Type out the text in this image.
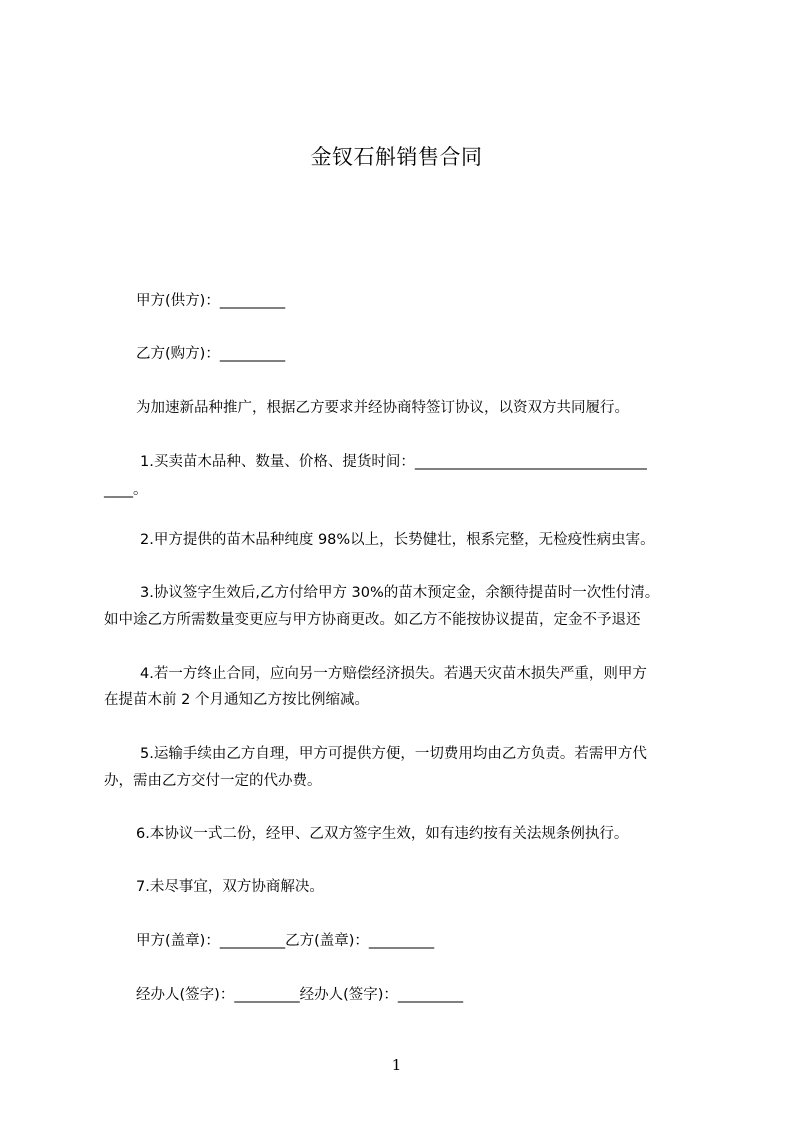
金钗石斛销售合同

甲方(供方)：_________

乙方(购方)：_________

为加速新品种推广，根据乙方要求并经协商特签订协议，以资双方共同履行。

1.买卖苗木品种、数量、价格、提货时间：________________________________

____。

2.甲方提供的苗木品种纯度 98%以上，长势健壮，根系完整，无检疫性病虫害。

3.协议签字生效后,乙方付给甲方 30%的苗木预定金，余额待提苗时一次性付清。

如中途乙方所需数量变更应与甲方协商更改。如乙方不能按协议提苗，定金不予退还

4.若一方终止合同，应向另一方赔偿经济损失。若遇天灾苗木损失严重，则甲方

在提苗木前 2 个月通知乙方按比例缩减。

5.运输手续由乙方自理，甲方可提供方便，一切费用均由乙方负责。若需甲方代

办，需由乙方交付一定的代办费。

6.本协议一式二份，经甲、乙双方签字生效，如有违约按有关法规条例执行。

7.未尽事宜，双方协商解决。

甲方(盖章)：_________乙方(盖章)：_________

经办人(签字)：_________经办人(签字)：_________

1
